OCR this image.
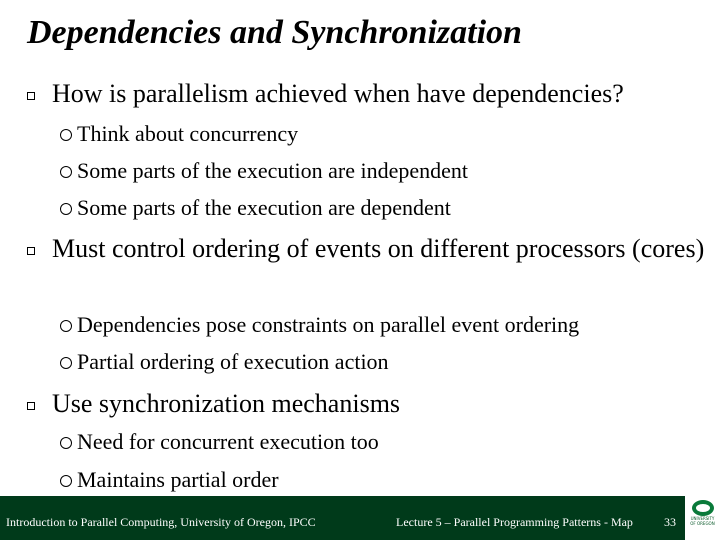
Dependencies and Synchronization
How is parallelism achieved when have dependencies?
Think about concurrency
Some parts of the execution are independent
Some parts of the execution are dependent
Must control ordering of events on different processors (cores)
Dependencies pose constraints on parallel event ordering
Partial ordering of execution action
Use synchronization mechanisms
Need for concurrent execution too
Maintains partial order
Introduction to Parallel Computing, University of Oregon, IPCC	Lecture 5 – Parallel Programming Patterns - Map	33	UNIVERSITY
OF OREGON
